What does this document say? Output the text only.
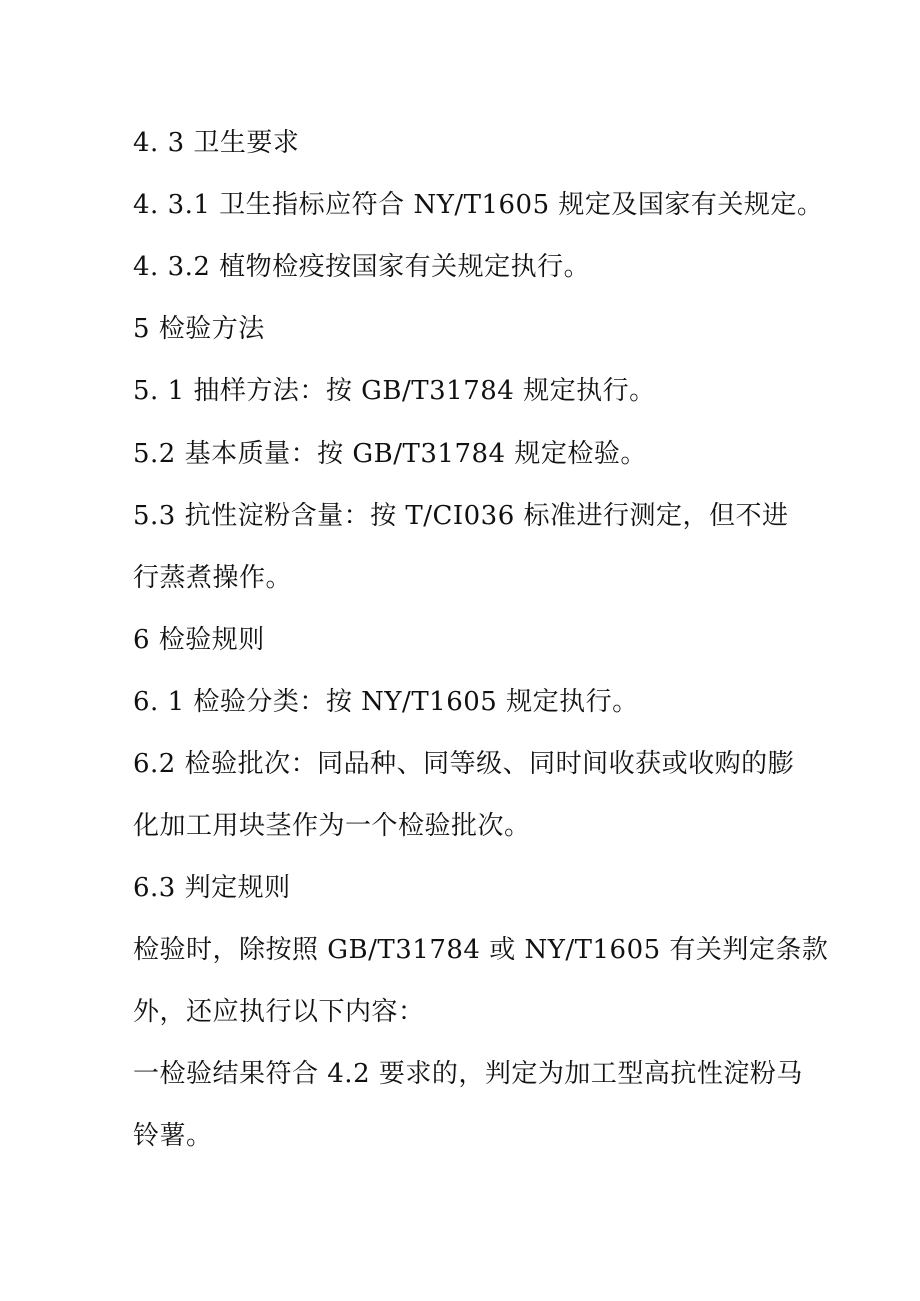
4. 3 卫生要求
4. 3.1 卫生指标应符合 NY/T1605 规定及国家有关规定。
4. 3.2 植物检疫按国家有关规定执行。
5 检验方法
5. 1 抽样方法：按 GB/T31784 规定执行。
5.2 基本质量：按 GB/T31784 规定检验。
5.3 抗性淀粉含量：按 T/CI036 标准进行测定，但不进
行蒸煮操作。
6 检验规则
6. 1 检验分类：按 NY/T1605 规定执行。
6.2 检验批次：同品种、同等级、同时间收获或收购的膨
化加工用块茎作为一个检验批次。
6.3 判定规则
检验时，除按照 GB/T31784 或 NY/T1605 有关判定条款
外，还应执行以下内容：
一检验结果符合 4.2 要求的，判定为加工型高抗性淀粉马
铃薯。
